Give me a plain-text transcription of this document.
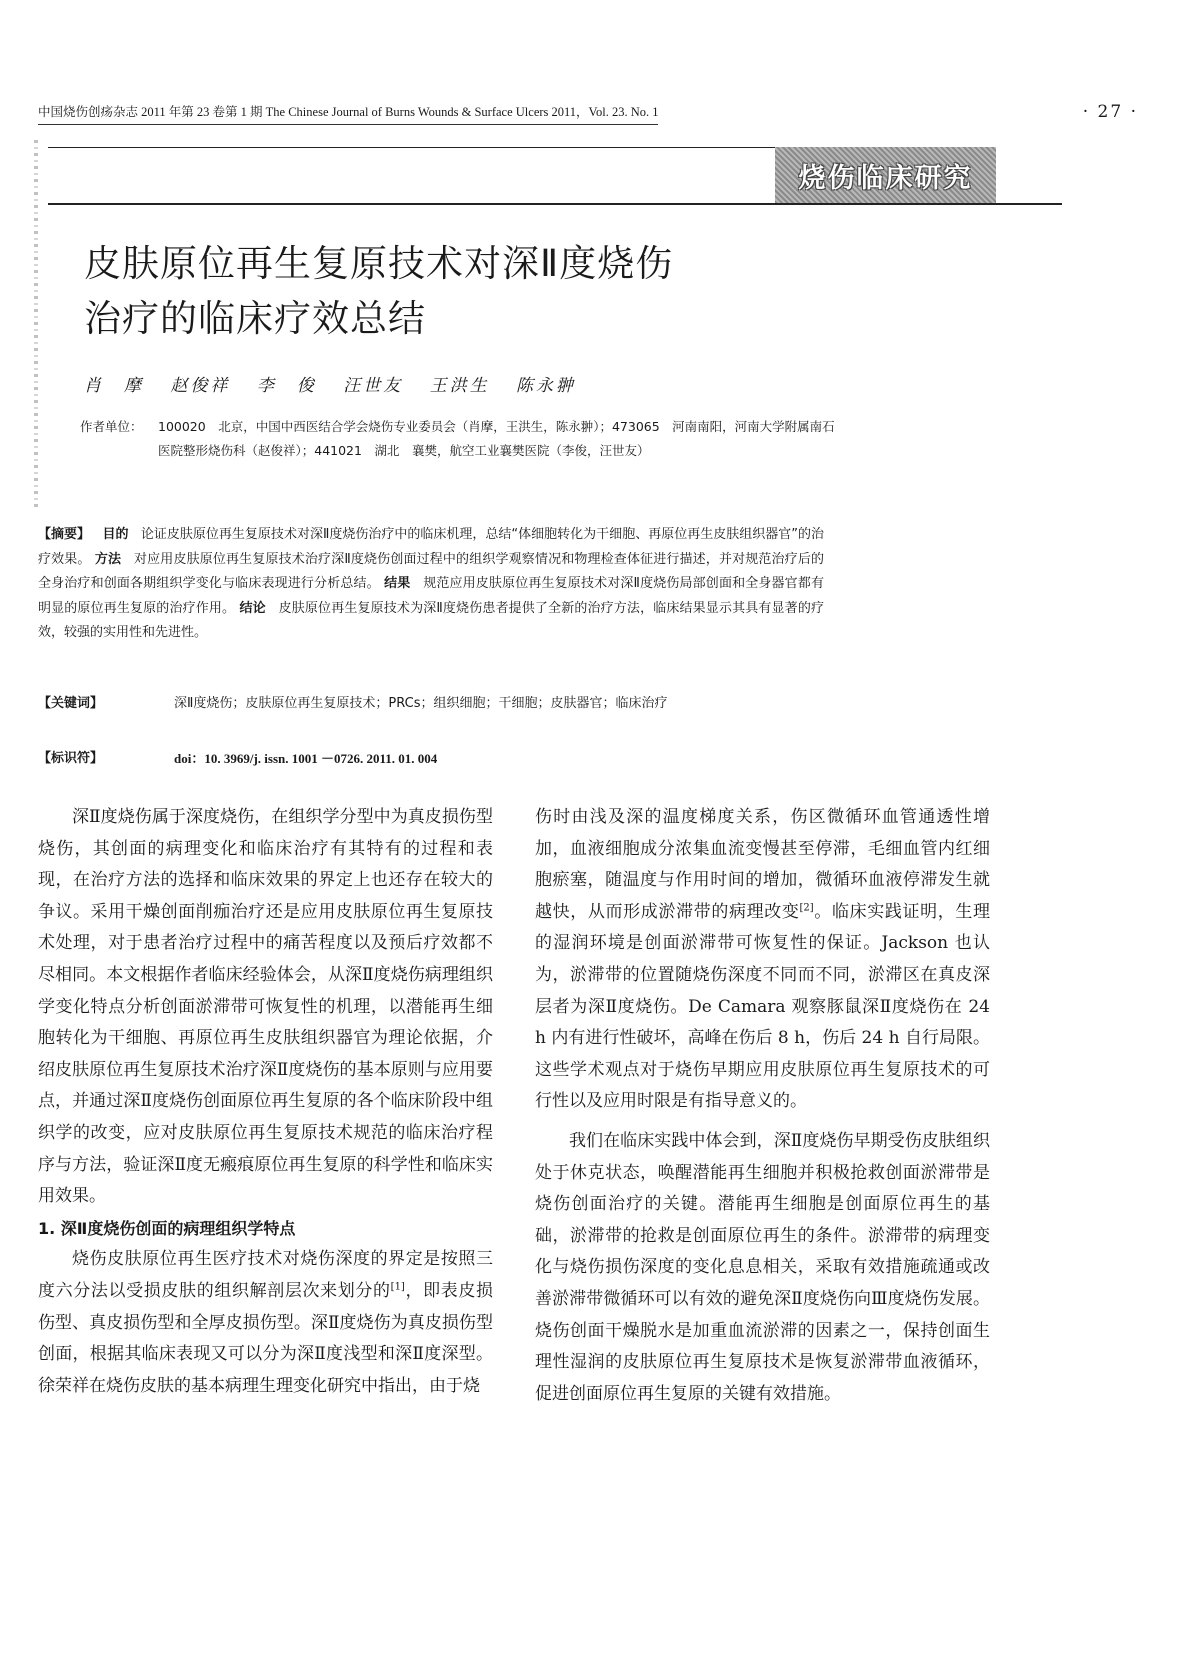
中国烧伤创疡杂志 2011 年第 23 卷第 1 期 The Chinese Journal of Burns Wounds & Surface Ulcers 2011，Vol. 23. No. 1	· 27 ·
烧伤临床研究
皮肤原位再生复原技术对深Ⅱ度烧伤
治疗的临床疗效总结
肖　摩 赵俊祥 李　俊 汪世友 王洪生 陈永翀
作者单位： 100020　北京，中国中西医结合学会烧伤专业委员会（肖摩，王洪生，陈永翀）；473065　河南南阳，河南大学附属南石医院整形烧伤科（赵俊祥）；441021　湖北　襄樊，航空工业襄樊医院（李俊，汪世友）
【摘要】 目的 论证皮肤原位再生复原技术对深Ⅱ度烧伤治疗中的临床机理，总结“体细胞转化为干细胞、再原位再生皮肤组织器官”的治疗效果。 方法 对应用皮肤原位再生复原技术治疗深Ⅱ度烧伤创面过程中的组织学观察情况和物理检查体征进行描述，并对规范治疗后的全身治疗和创面各期组织学变化与临床表现进行分析总结。 结果 规范应用皮肤原位再生复原技术对深Ⅱ度烧伤局部创面和全身器官都有明显的原位再生复原的治疗作用。 结论 皮肤原位再生复原技术为深Ⅱ度烧伤患者提供了全新的治疗方法，临床结果显示其具有显著的疗效，较强的实用性和先进性。
【关键词】	深Ⅱ度烧伤；皮肤原位再生复原技术；PRCs；组织细胞；干细胞；皮肤器官；临床治疗
【标识符】	doi：10. 3969/j. issn. 1001 －0726. 2011. 01. 004

深Ⅱ度烧伤属于深度烧伤，在组织学分型中为真皮损伤型烧伤，其创面的病理变化和临床治疗有其特有的过程和表现，在治疗方法的选择和临床效果的界定上也还存在较大的争议。采用干燥创面削痂治疗还是应用皮肤原位再生复原技术处理，对于患者治疗过程中的痛苦程度以及预后疗效都不尽相同。本文根据作者临床经验体会，从深Ⅱ度烧伤病理组织学变化特点分析创面淤滞带可恢复性的机理，以潜能再生细胞转化为干细胞、再原位再生皮肤组织器官为理论依据，介绍皮肤原位再生复原技术治疗深Ⅱ度烧伤的基本原则与应用要点，并通过深Ⅱ度烧伤创面原位再生复原的各个临床阶段中组织学的改变，应对皮肤原位再生复原技术规范的临床治疗程序与方法，验证深Ⅱ度无瘢痕原位再生复原的科学性和临床实用效果。

1. 深Ⅱ度烧伤创面的病理组织学特点

烧伤皮肤原位再生医疗技术对烧伤深度的界定是按照三度六分法以受损皮肤的组织解剖层次来划分的[1]，即表皮损伤型、真皮损伤型和全厚皮损伤型。深Ⅱ度烧伤为真皮损伤型创面，根据其临床表现又可以分为深Ⅱ度浅型和深Ⅱ度深型。徐荣祥在烧伤皮肤的基本病理生理变化研究中指出，由于烧

伤时由浅及深的温度梯度关系，伤区微循环血管通透性增加，血液细胞成分浓集血流变慢甚至停滞，毛细血管内红细胞瘀塞，随温度与作用时间的增加，微循环血液停滞发生就越快，从而形成淤滞带的病理改变[2]。临床实践证明，生理的湿润环境是创面淤滞带可恢复性的保证。Jackson 也认为，淤滞带的位置随烧伤深度不同而不同，淤滞区在真皮深层者为深Ⅱ度烧伤。De Camara 观察豚鼠深Ⅱ度烧伤在 24 h 内有进行性破坏，高峰在伤后 8 h，伤后 24 h 自行局限。这些学术观点对于烧伤早期应用皮肤原位再生复原技术的可行性以及应用时限是有指导意义的。

我们在临床实践中体会到，深Ⅱ度烧伤早期受伤皮肤组织处于休克状态，唤醒潜能再生细胞并积极抢救创面淤滞带是烧伤创面治疗的关键。潜能再生细胞是创面原位再生的基础，淤滞带的抢救是创面原位再生的条件。淤滞带的病理变化与烧伤损伤深度的变化息息相关，采取有效措施疏通或改善淤滞带微循环可以有效的避免深Ⅱ度烧伤向Ⅲ度烧伤发展。烧伤创面干燥脱水是加重血流淤滞的因素之一，保持创面生理性湿润的皮肤原位再生复原技术是恢复淤滞带血液循环，促进创面原位再生复原的关键有效措施。
